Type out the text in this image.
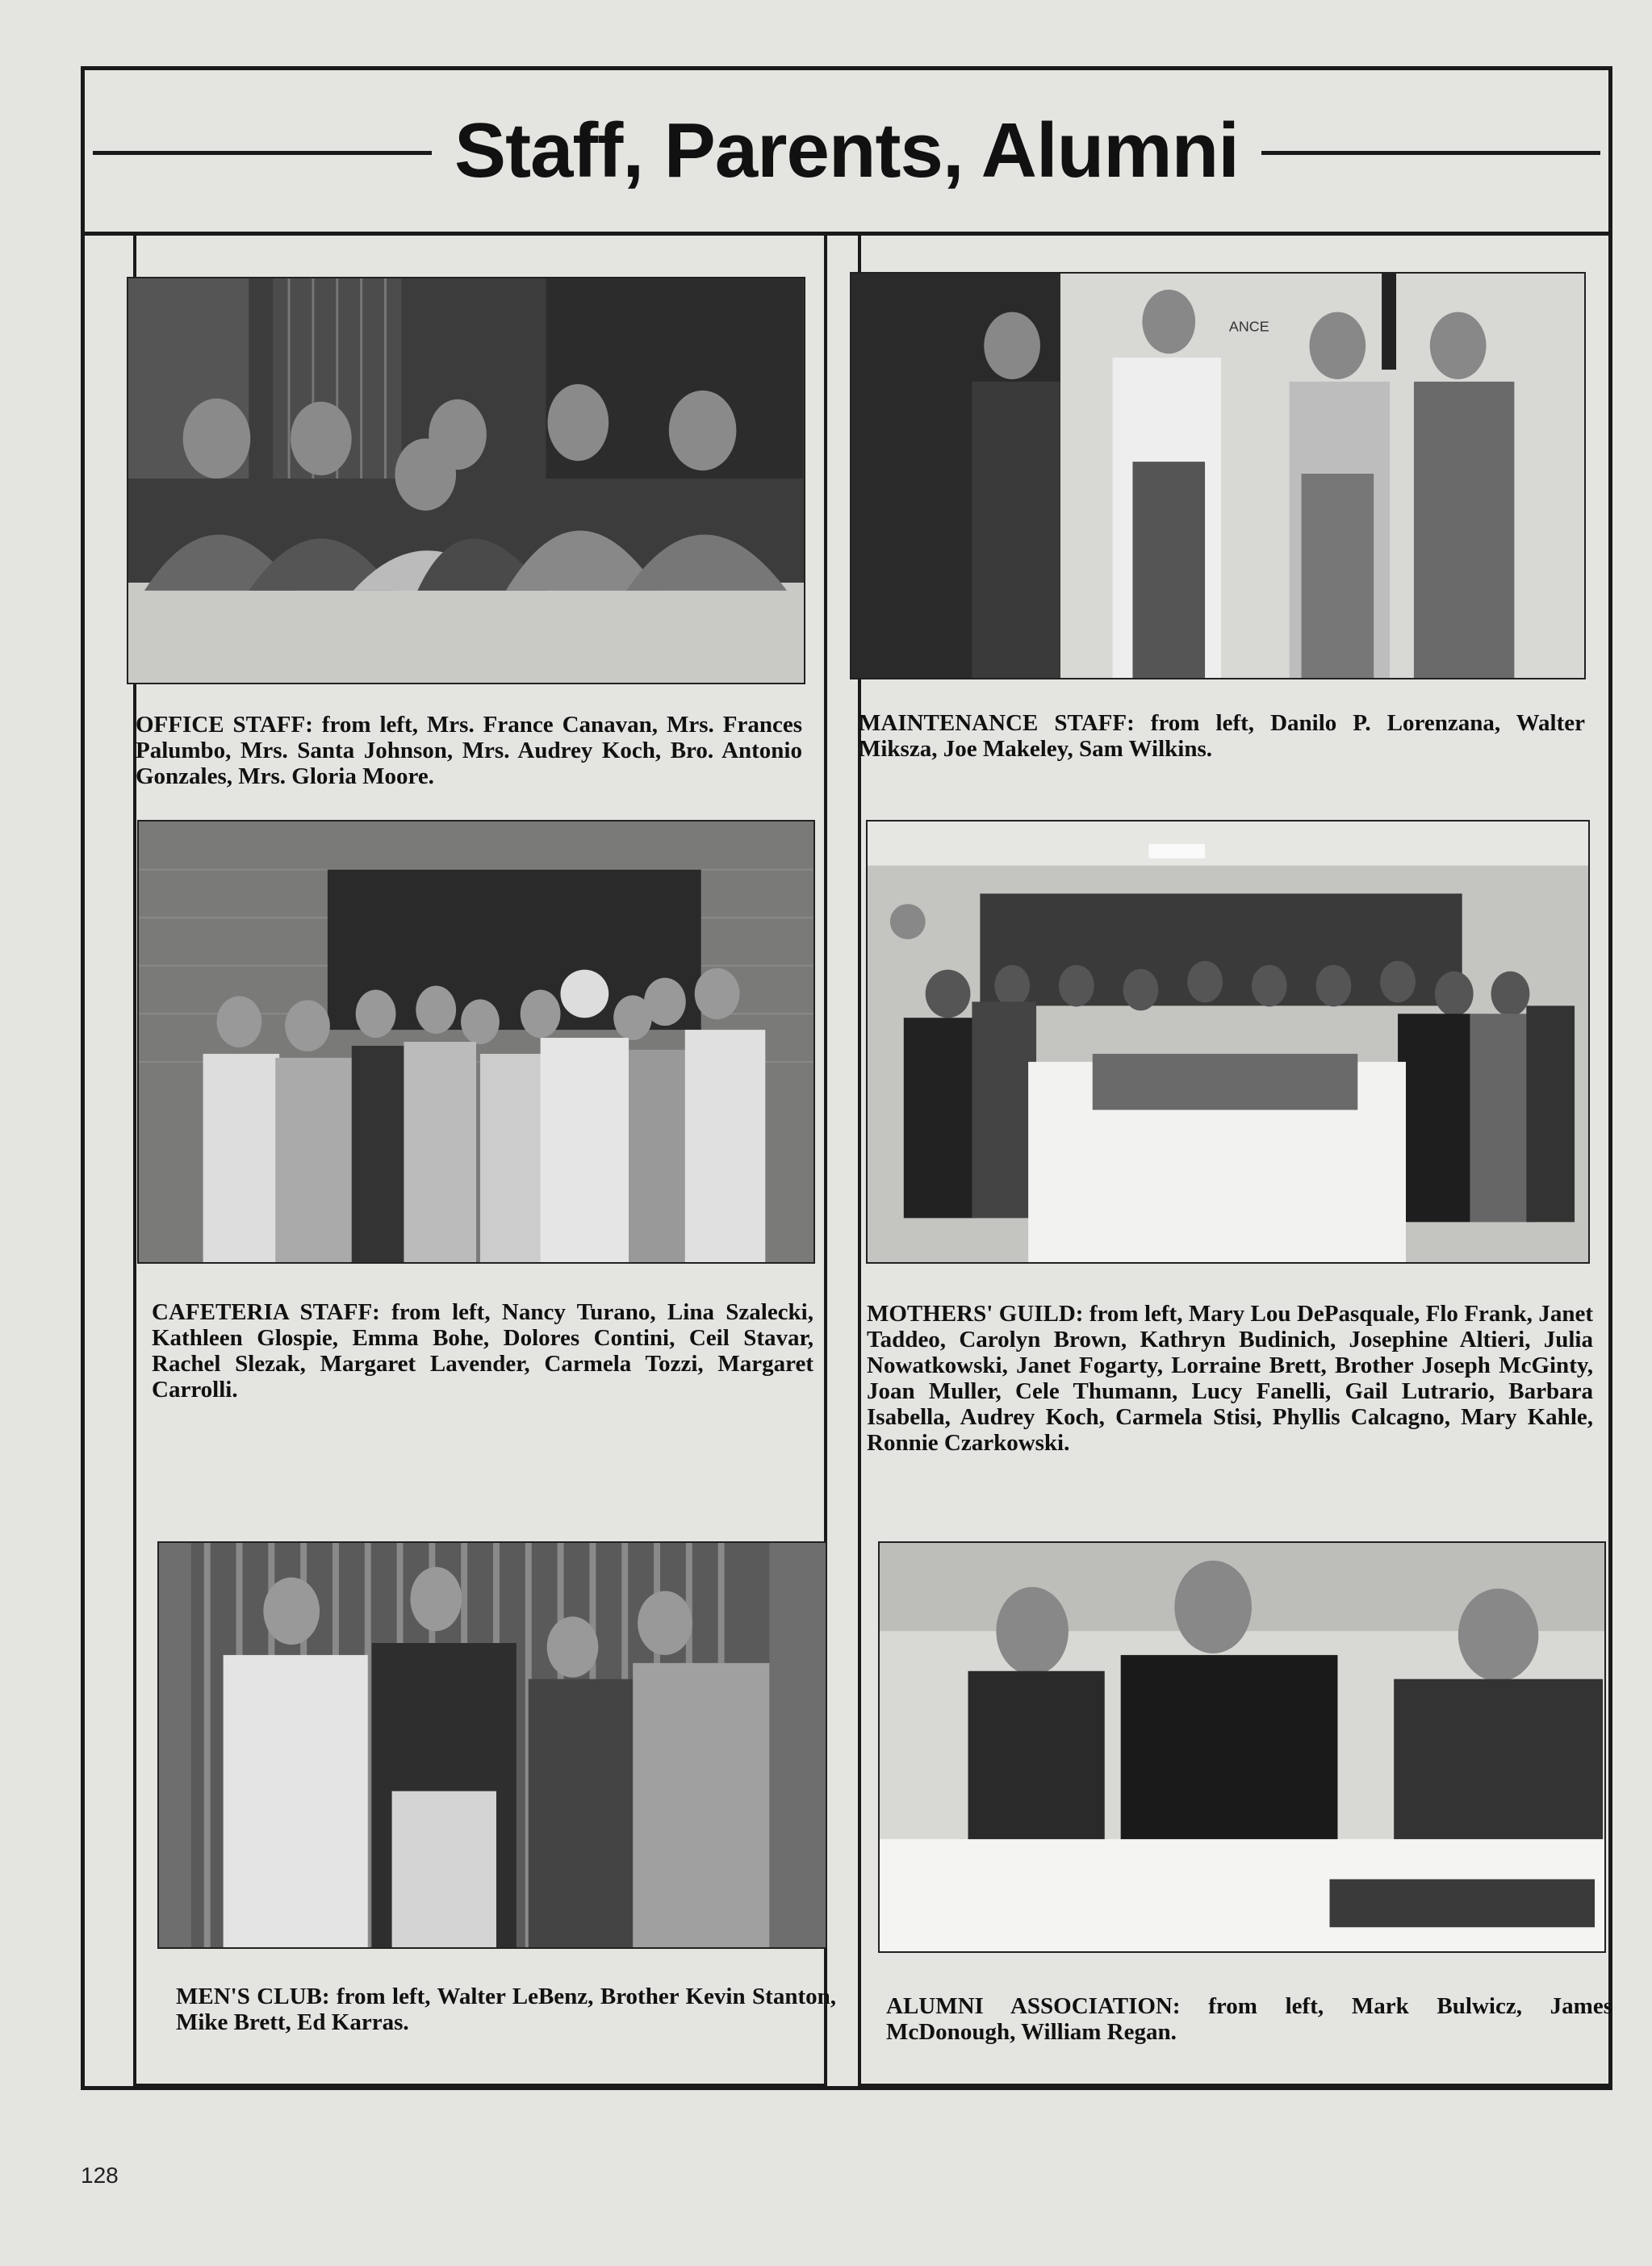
Staff, Parents, Alumni
OFFICE STAFF: from left, Mrs. France Canavan, Mrs. Frances Palumbo, Mrs. Santa Johnson, Mrs. Audrey Koch, Bro. Antonio Gonzales, Mrs. Gloria Moore.
ANCE
MAINTENANCE STAFF: from left, Danilo P. Lorenzana, Walter Miksza, Joe Makeley, Sam Wilkins.
CAFETERIA STAFF: from left, Nancy Turano, Lina Szalecki, Kathleen Glospie, Emma Bohe, Dolores Contini, Ceil Stavar, Rachel Slezak, Margaret Lavender, Carmela Tozzi, Margaret Carrolli.
MOTHERS' GUILD: from left, Mary Lou DePasquale, Flo Frank, Janet Taddeo, Carolyn Brown, Kathryn Budinich, Josephine Altieri, Julia Nowatkowski, Janet Fogarty, Lorraine Brett, Brother Joseph McGinty, Joan Muller, Cele Thumann, Lucy Fanelli, Gail Lutrario, Barbara Isabella, Audrey Koch, Carmela Stisi, Phyllis Calcagno, Mary Kahle, Ronnie Czarkowski.
MEN'S CLUB: from left, Walter LeBenz, Brother Kevin Stanton, Mike Brett, Ed Karras.
ALUMNI ASSOCIATION: from left, Mark Bulwicz, James McDonough, William Regan.
128
